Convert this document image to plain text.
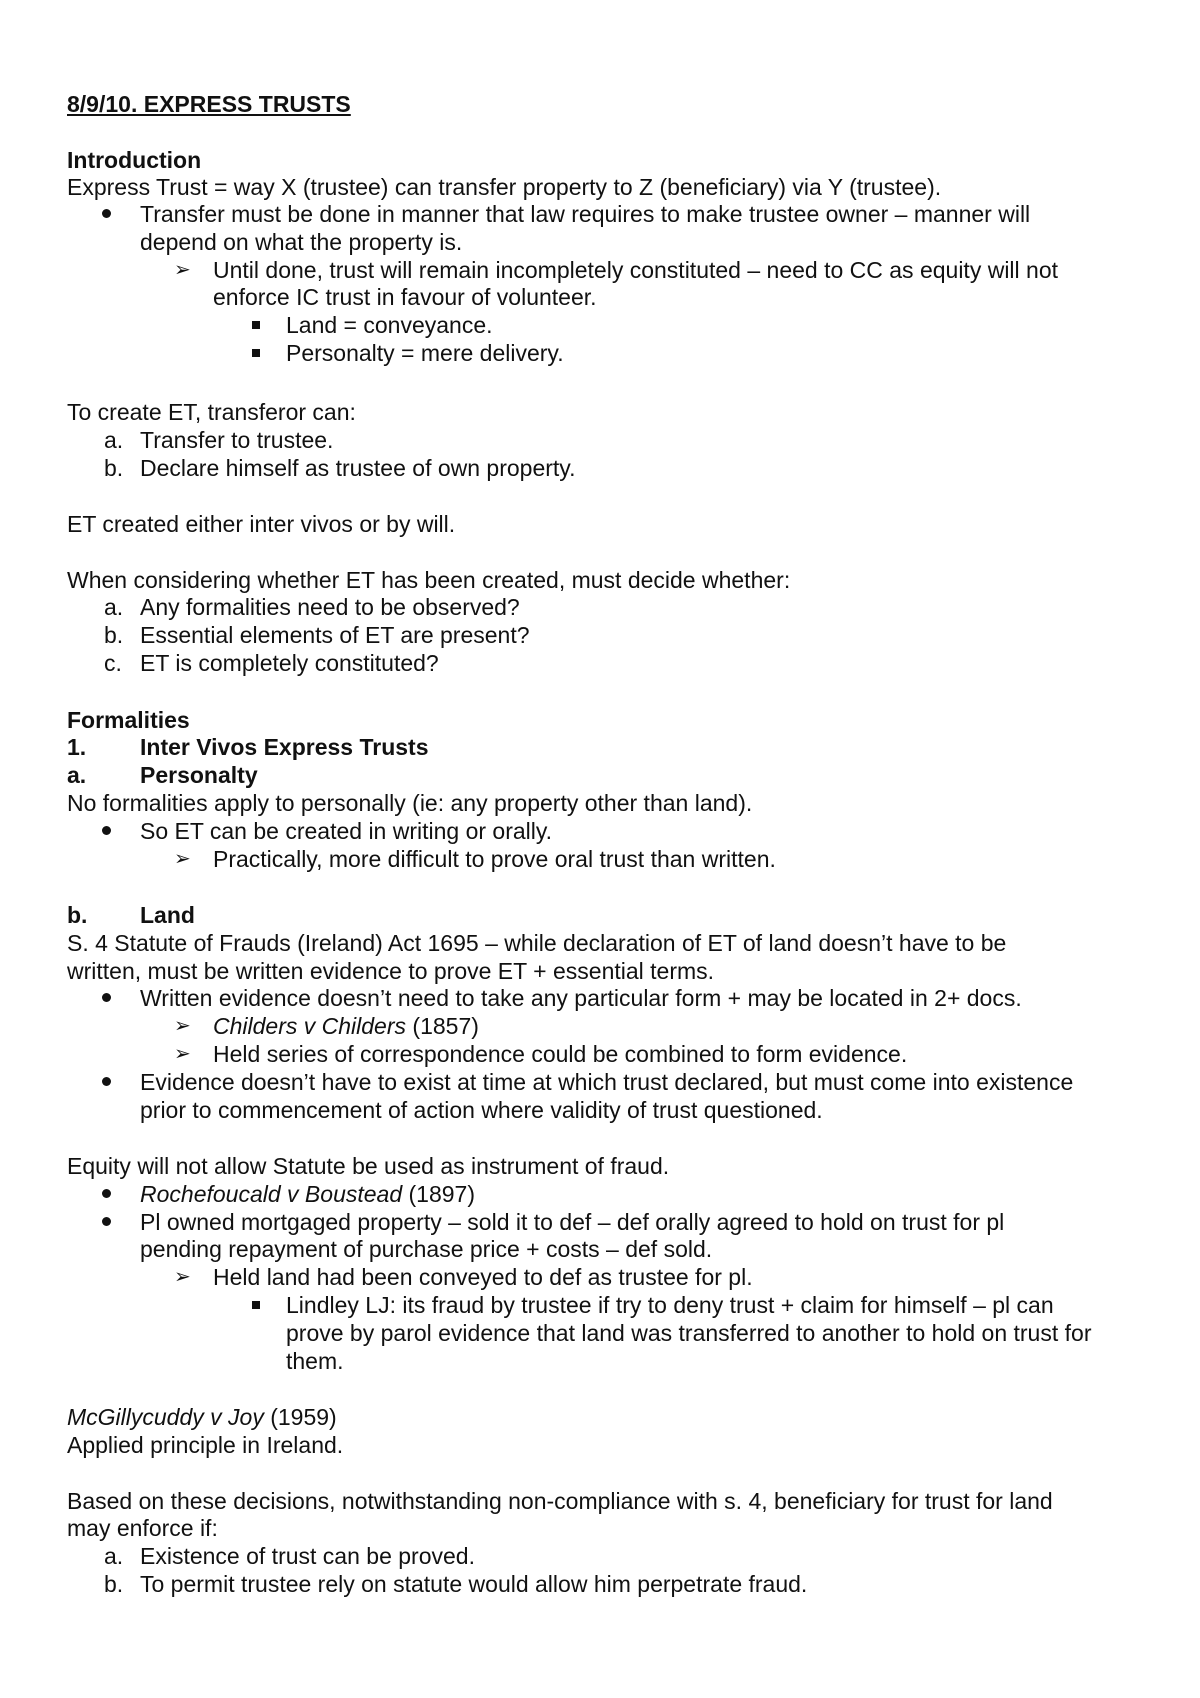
8/9/10. EXPRESS TRUSTS
Introduction
Express Trust = way X (trustee) can transfer property to Z (beneficiary) via Y (trustee).
Transfer must be done in manner that law requires to make trustee owner – manner will
depend on what the property is.
➢ Until done, trust will remain incompletely constituted – need to CC as equity will not
enforce IC trust in favour of volunteer.
Land = conveyance.
Personalty = mere delivery.
To create ET, transferor can:
a. Transfer to trustee.
b. Declare himself as trustee of own property.
ET created either inter vivos or by will.
When considering whether ET has been created, must decide whether:
a. Any formalities need to be observed?
b. Essential elements of ET are present?
c. ET is completely constituted?
Formalities
1. Inter Vivos Express Trusts
a. Personalty
No formalities apply to personally (ie: any property other than land).
So ET can be created in writing or orally.
➢ Practically, more difficult to prove oral trust than written.
b. Land
S. 4 Statute of Frauds (Ireland) Act 1695 – while declaration of ET of land doesn’t have to be
written, must be written evidence to prove ET + essential terms.
Written evidence doesn’t need to take any particular form + may be located in 2+ docs.
➢ Childers v Childers (1857)
➢ Held series of correspondence could be combined to form evidence.
Evidence doesn’t have to exist at time at which trust declared, but must come into existence
prior to commencement of action where validity of trust questioned.
Equity will not allow Statute be used as instrument of fraud.
Rochefoucald v Boustead (1897)
Pl owned mortgaged property – sold it to def – def orally agreed to hold on trust for pl
pending repayment of purchase price + costs – def sold.
➢ Held land had been conveyed to def as trustee for pl.
Lindley LJ: its fraud by trustee if try to deny trust + claim for himself – pl can
prove by parol evidence that land was transferred to another to hold on trust for
them.
McGillycuddy v Joy (1959)
Applied principle in Ireland.
Based on these decisions, notwithstanding non-compliance with s. 4, beneficiary for trust for land
may enforce if:
a. Existence of trust can be proved.
b. To permit trustee rely on statute would allow him perpetrate fraud.
